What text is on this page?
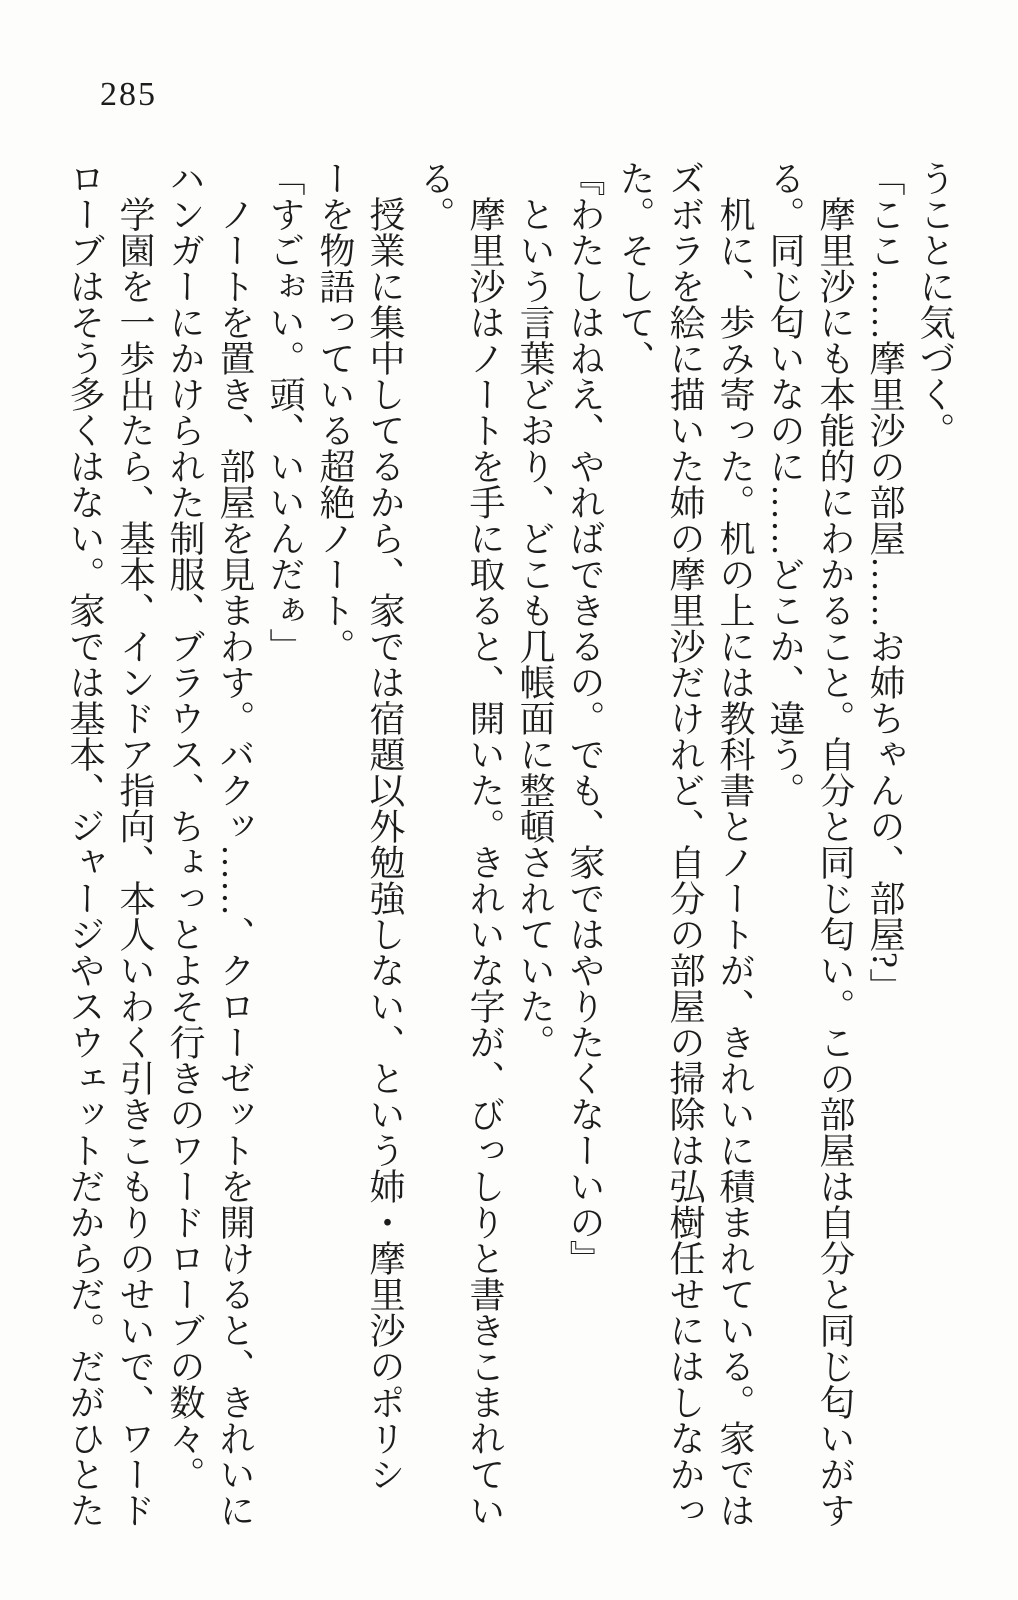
285

うことに気づく。

「ここ……摩里沙の部屋……お姉ちゃんの、部屋?」

摩里沙にも本能的にわかること。自分と同じ匂い。この部屋は自分と同じ匂いがす

る。同じ匂いなのに……どこか、違う。

机に、歩み寄った。机の上には教科書とノートが、きれいに積まれている。家では

ズボラを絵に描いた姉の摩里沙だけれど、自分の部屋の掃除は弘樹任せにはしなかっ

た。そして、

『わたしはねえ、やればできるの。でも、家ではやりたくなーいの』

という言葉どおり、どこも几帳面に整頓されていた。

摩里沙はノートを手に取ると、開いた。きれいな字が、びっしりと書きこまれてい

る。

授業に集中してるから、家では宿題以外勉強しない、という姉・摩里沙のポリシ

ーを物語っている超絶ノート。

「すごぉい。頭、いいんだぁ」

ノートを置き、部屋を見まわす。バクッ……、クローゼットを開けると、きれいに

ハンガーにかけられた制服、ブラウス、ちょっとよそ行きのワードローブの数々。

学園を一歩出たら、基本、インドア指向、本人いわく引きこもりのせいで、ワード

ローブはそう多くはない。家では基本、ジャージやスウェットだからだ。だがひとた
